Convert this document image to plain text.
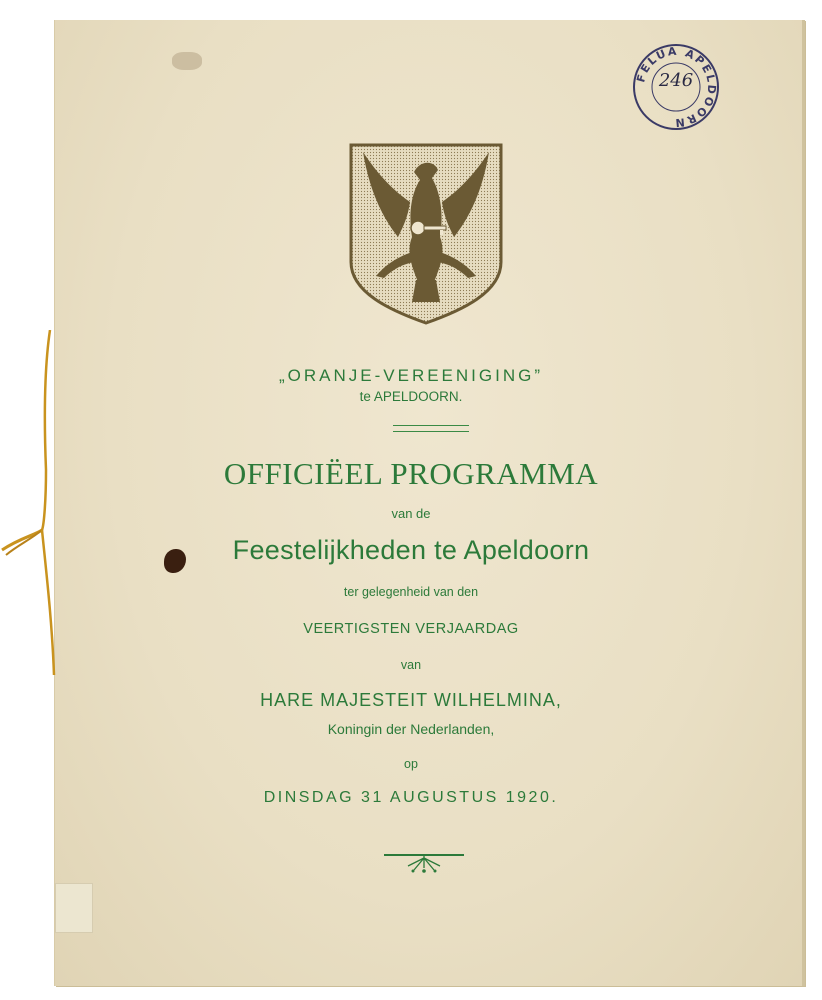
FELUA APELDOORN
246
„ORANJE-VEREENIGING”
te APELDOORN.
OFFICIËEL PROGRAMMA
van de
Feestelijkheden te Apeldoorn
ter gelegenheid van den
VEERTIGSTEN VERJAARDAG
van
HARE MAJESTEIT WILHELMINA,
Koningin der Nederlanden,
op
DINSDAG 31 AUGUSTUS 1920.
